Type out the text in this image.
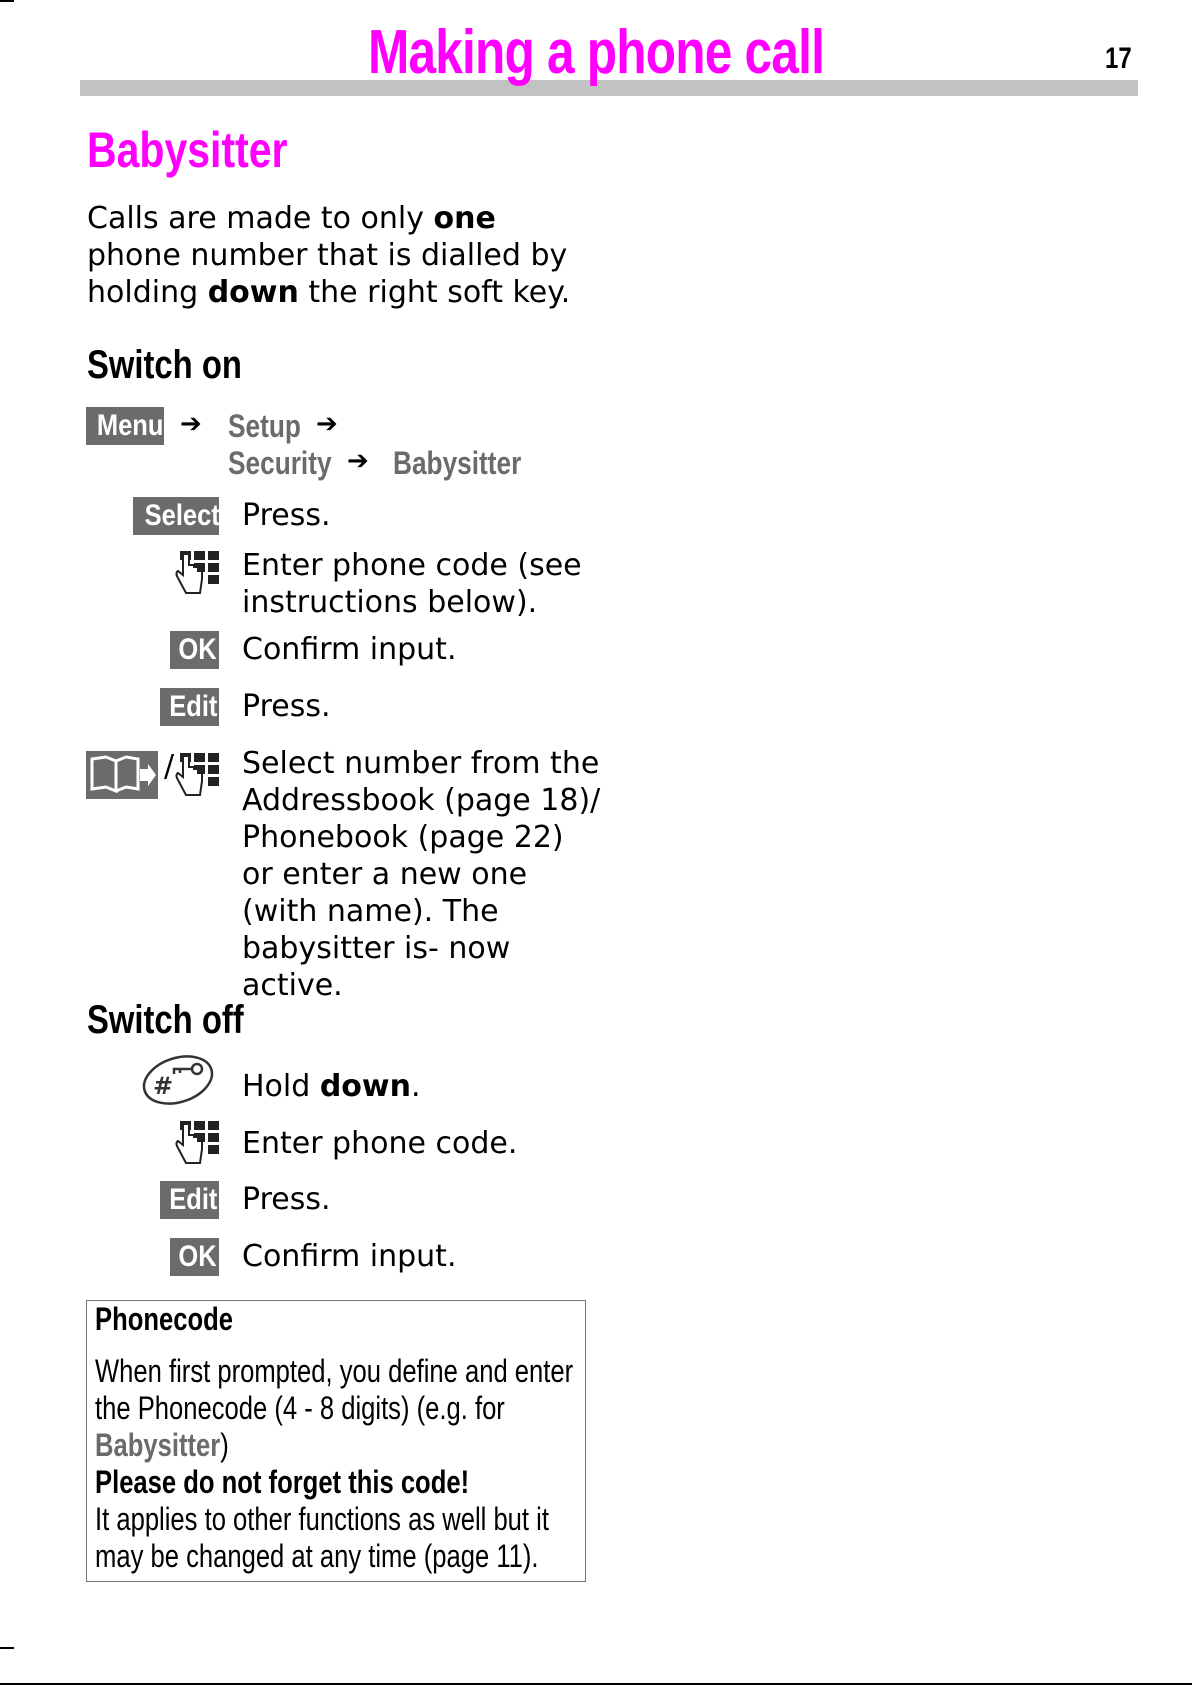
Making a phone call	17
Babysitter
Calls are made to only one phone number that is dialled by holding down the right soft key.
Switch on
Menu ➔ Setup ➔
Security ➔ Babysitter
Select Press.
Enter phone code (see instructions below).
OK Confirm input.
Edit Press.
/	Select number from the Addressbook (page 18)/ Phonebook (page 22) or enter a new one (with name). The babysitter is- now active.
Switch off
# Hold down.
Enter phone code.
Edit Press.
OK Confirm input.
Phonecode
When first prompted, you define and enter
the Phonecode (4 - 8 digits) (e.g. for
Babysitter)
Please do not forget this code!
It applies to other functions as well but it
may be changed at any time (page 11).
